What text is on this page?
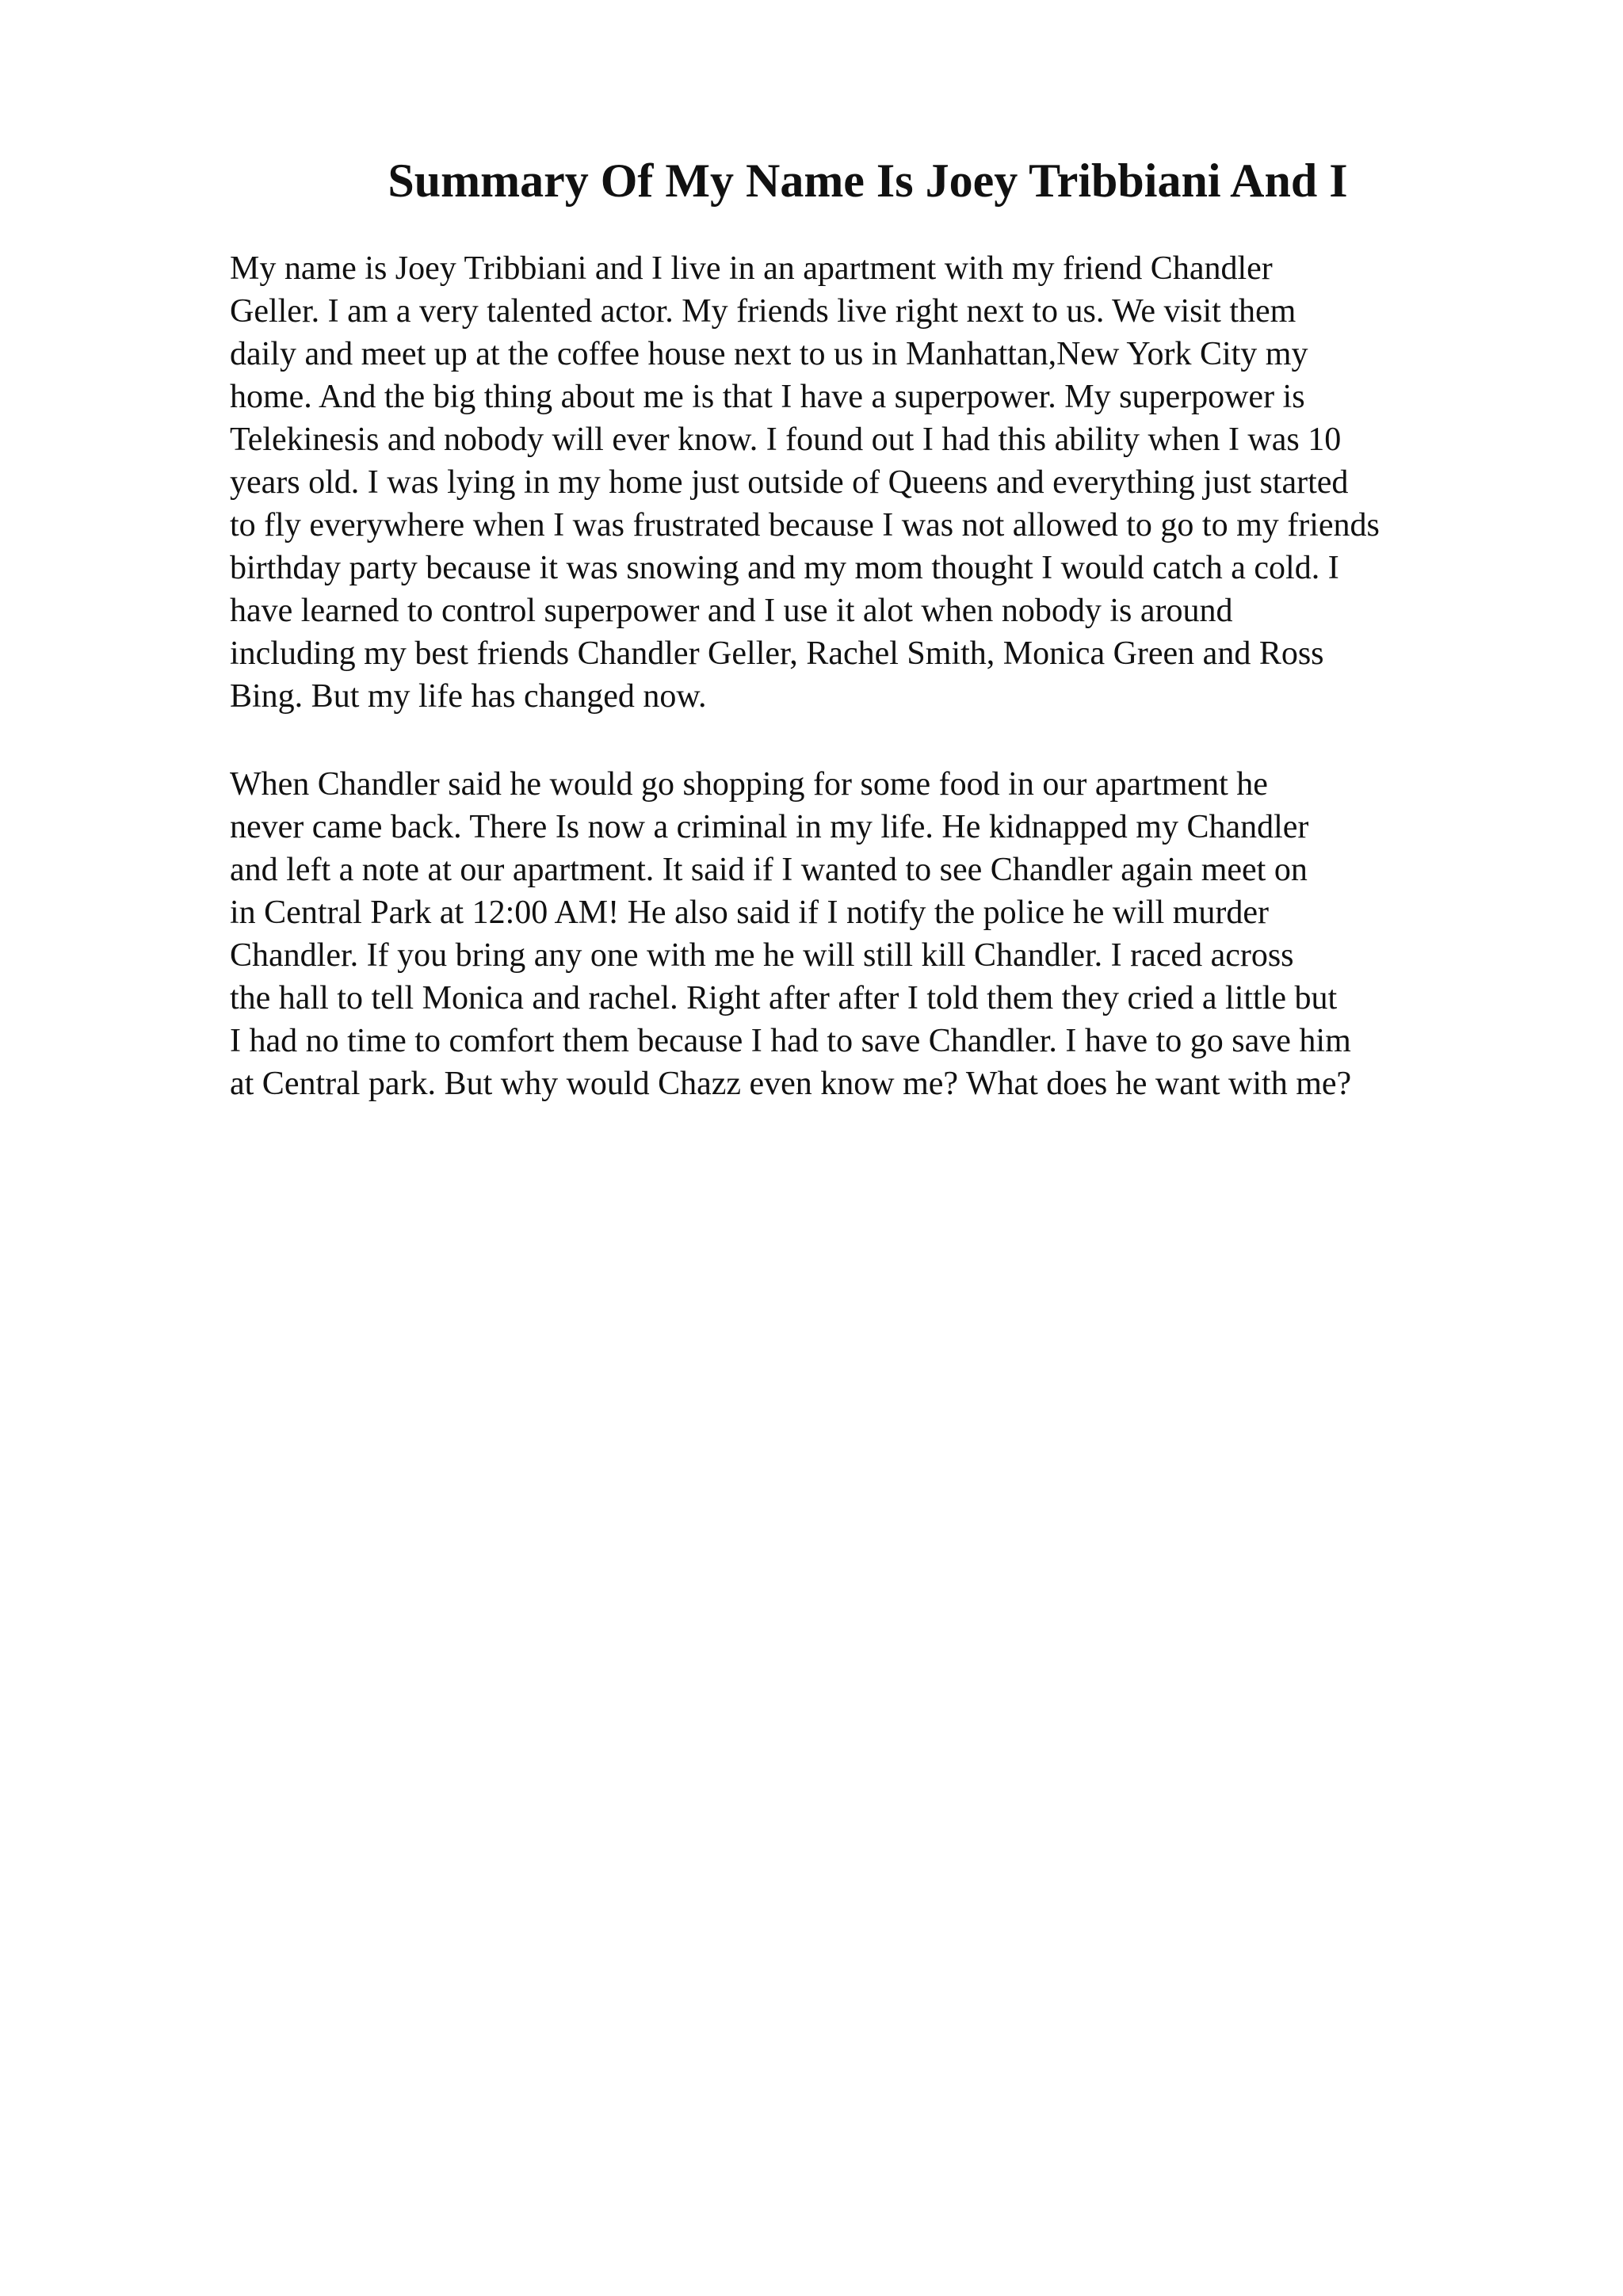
Summary Of My Name Is Joey Tribbiani And I
My name is Joey Tribbiani and I live in an apartment with my friend Chandler
Geller. I am a very talented actor. My friends live right next to us. We visit them
daily and meet up at the coffee house next to us in Manhattan,New York City my
home. And the big thing about me is that I have a superpower. My superpower is
Telekinesis and nobody will ever know. I found out I had this ability when I was 10
years old. I was lying in my home just outside of Queens and everything just started
to fly everywhere when I was frustrated because I was not allowed to go to my friends
birthday party because it was snowing and my mom thought I would catch a cold. I
have learned to control superpower and I use it alot when nobody is around
including my best friends Chandler Geller, Rachel Smith, Monica Green and Ross
Bing. But my life has changed now.
When Chandler said he would go shopping for some food in our apartment he
never came back. There Is now a criminal in my life. He kidnapped my Chandler
and left a note at our apartment. It said if I wanted to see Chandler again meet on
in Central Park at 12:00 AM! He also said if I notify the police he will murder
Chandler. If you bring any one with me he will still kill Chandler. I raced across
the hall to tell Monica and rachel. Right after after I told them they cried a little but
I had no time to comfort them because I had to save Chandler. I have to go save him
at Central park. But why would Chazz even know me? What does he want with me?
